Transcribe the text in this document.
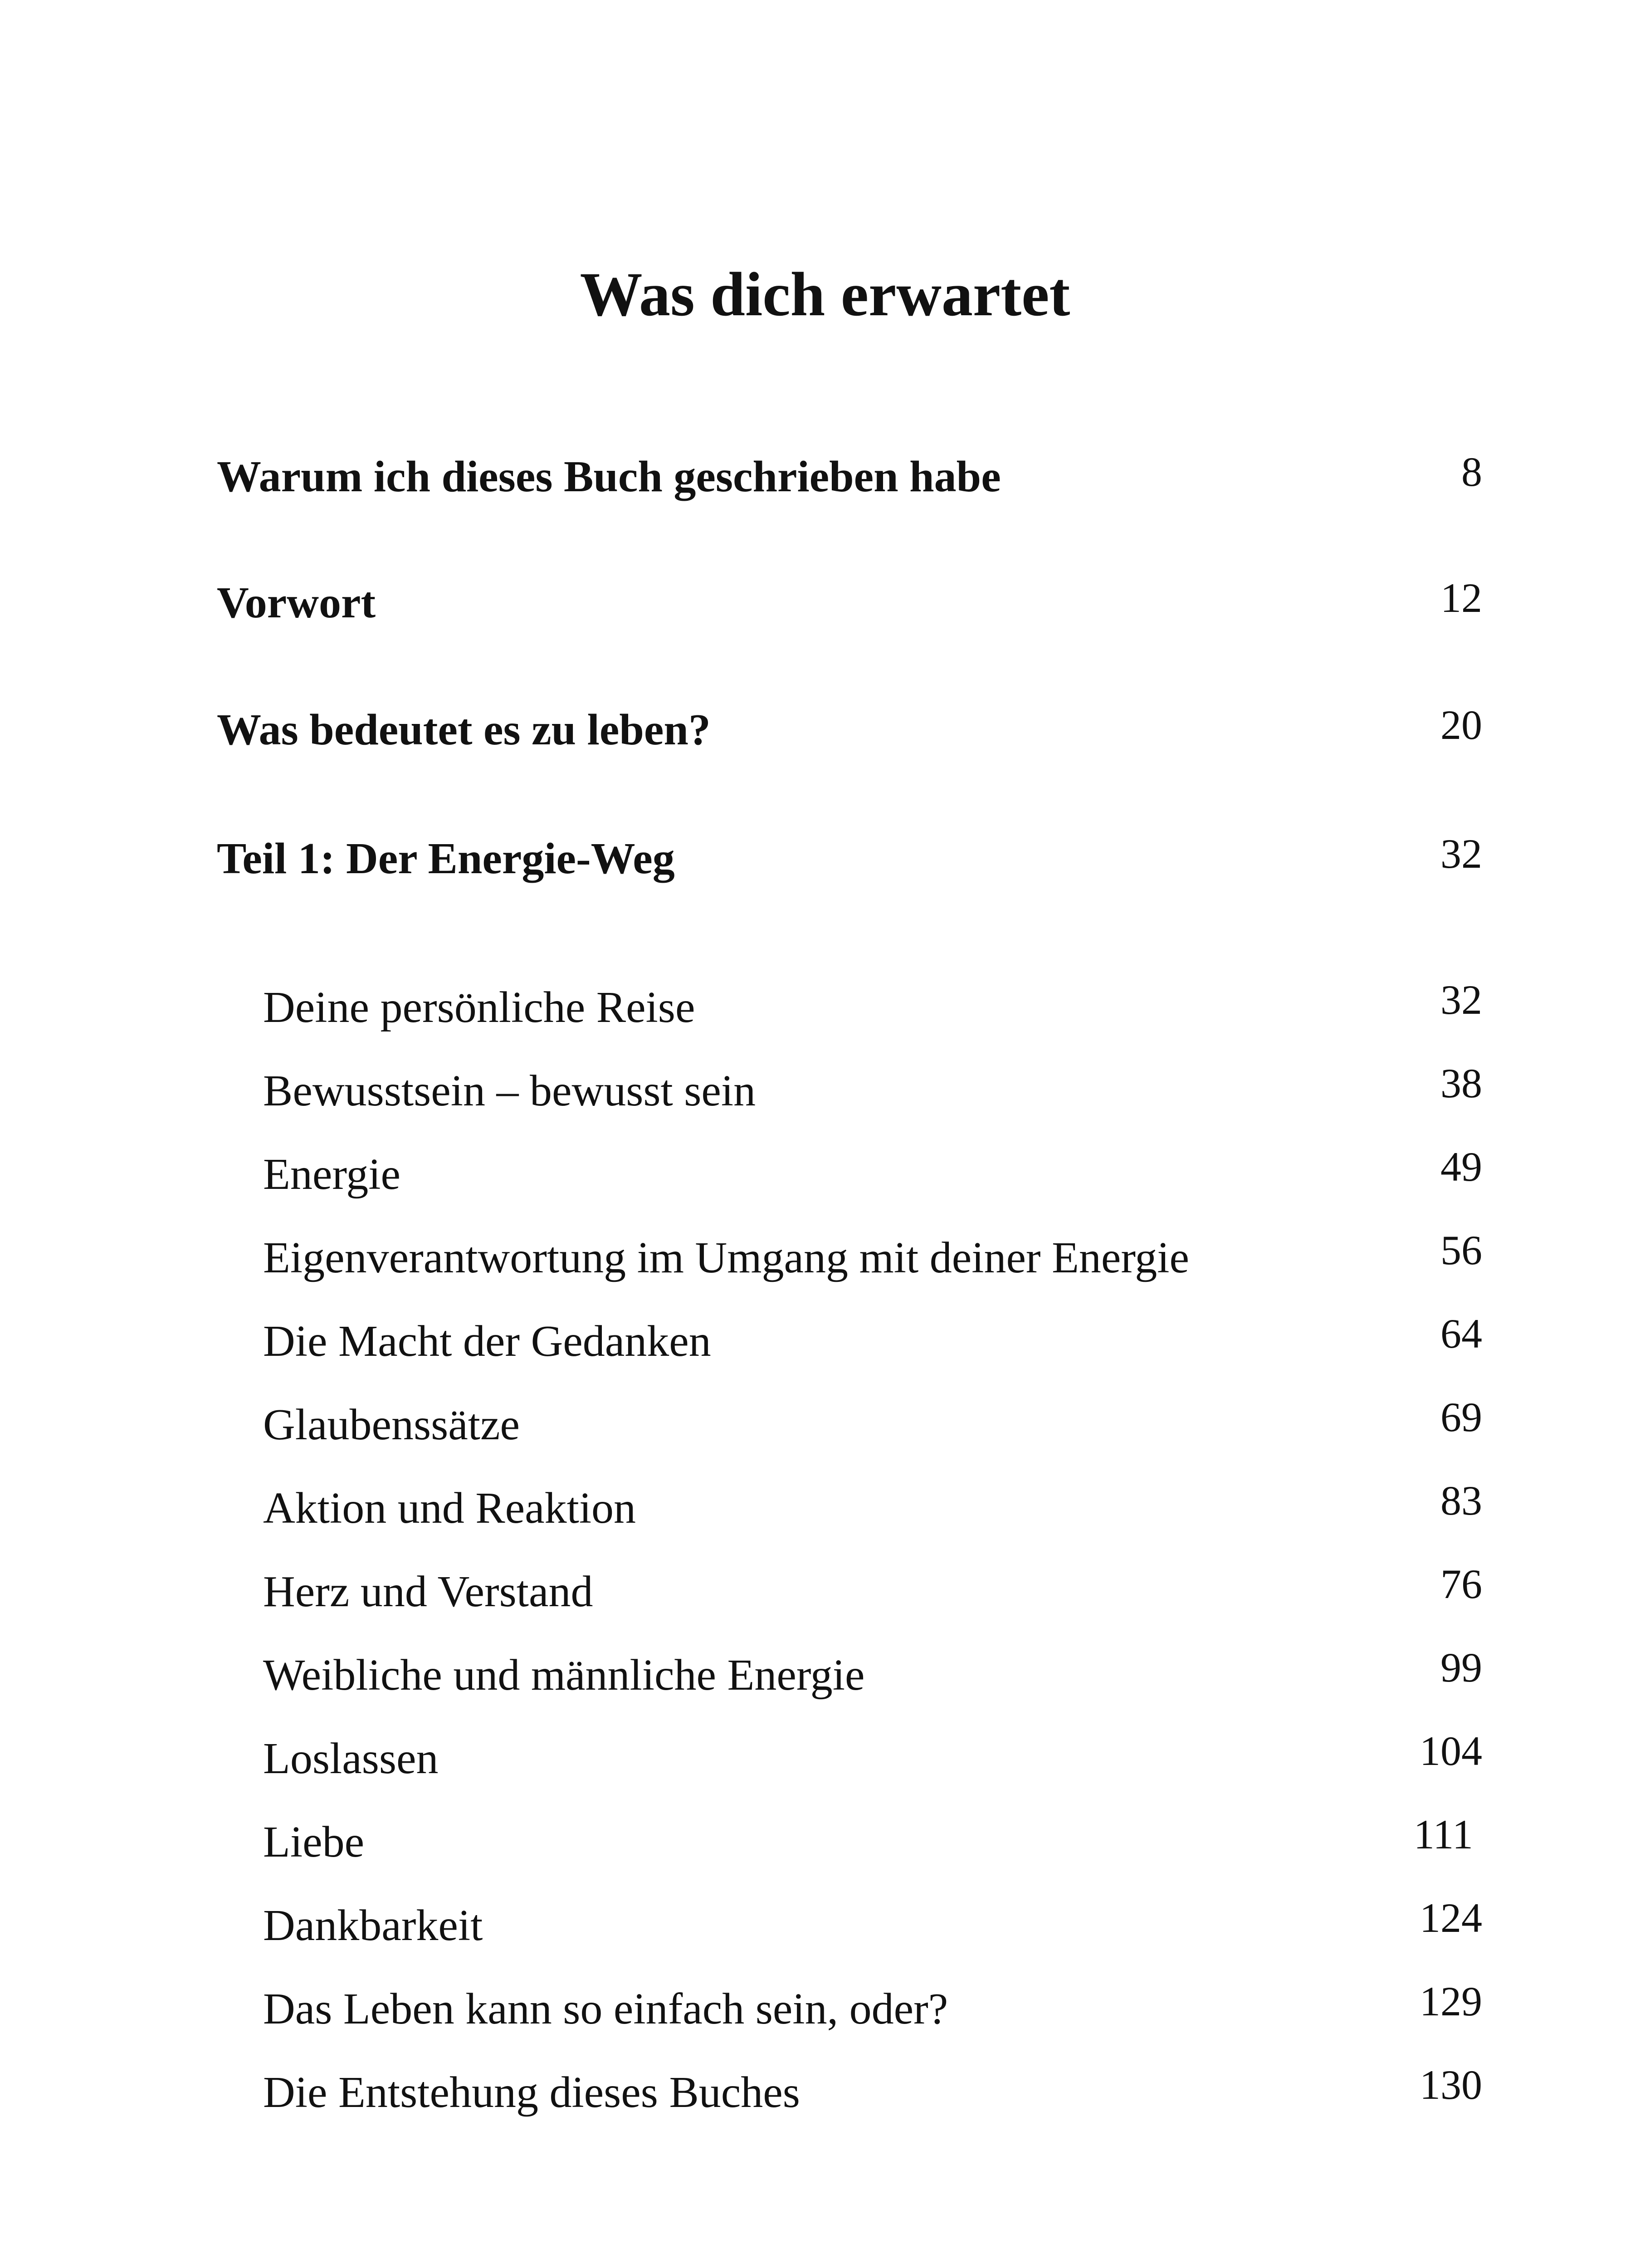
Was dich erwartet
Warum ich dieses Buch geschrieben habe	8
Vorwort	12
Was bedeutet es zu leben?	20
Teil 1: Der Energie-Weg	32
Deine persönliche Reise	32
Bewusstsein – bewusst sein	38
Energie	49
Eigenverantwortung im Umgang mit deiner Energie	56
Die Macht der Gedanken	64
Glaubenssätze	69
Aktion und Reaktion	83
Herz und Verstand	76
Weibliche und männliche Energie	99
Loslassen	104
Liebe	111
Dankbarkeit	124
Das Leben kann so einfach sein, oder?	129
Die Entstehung dieses Buches	130
